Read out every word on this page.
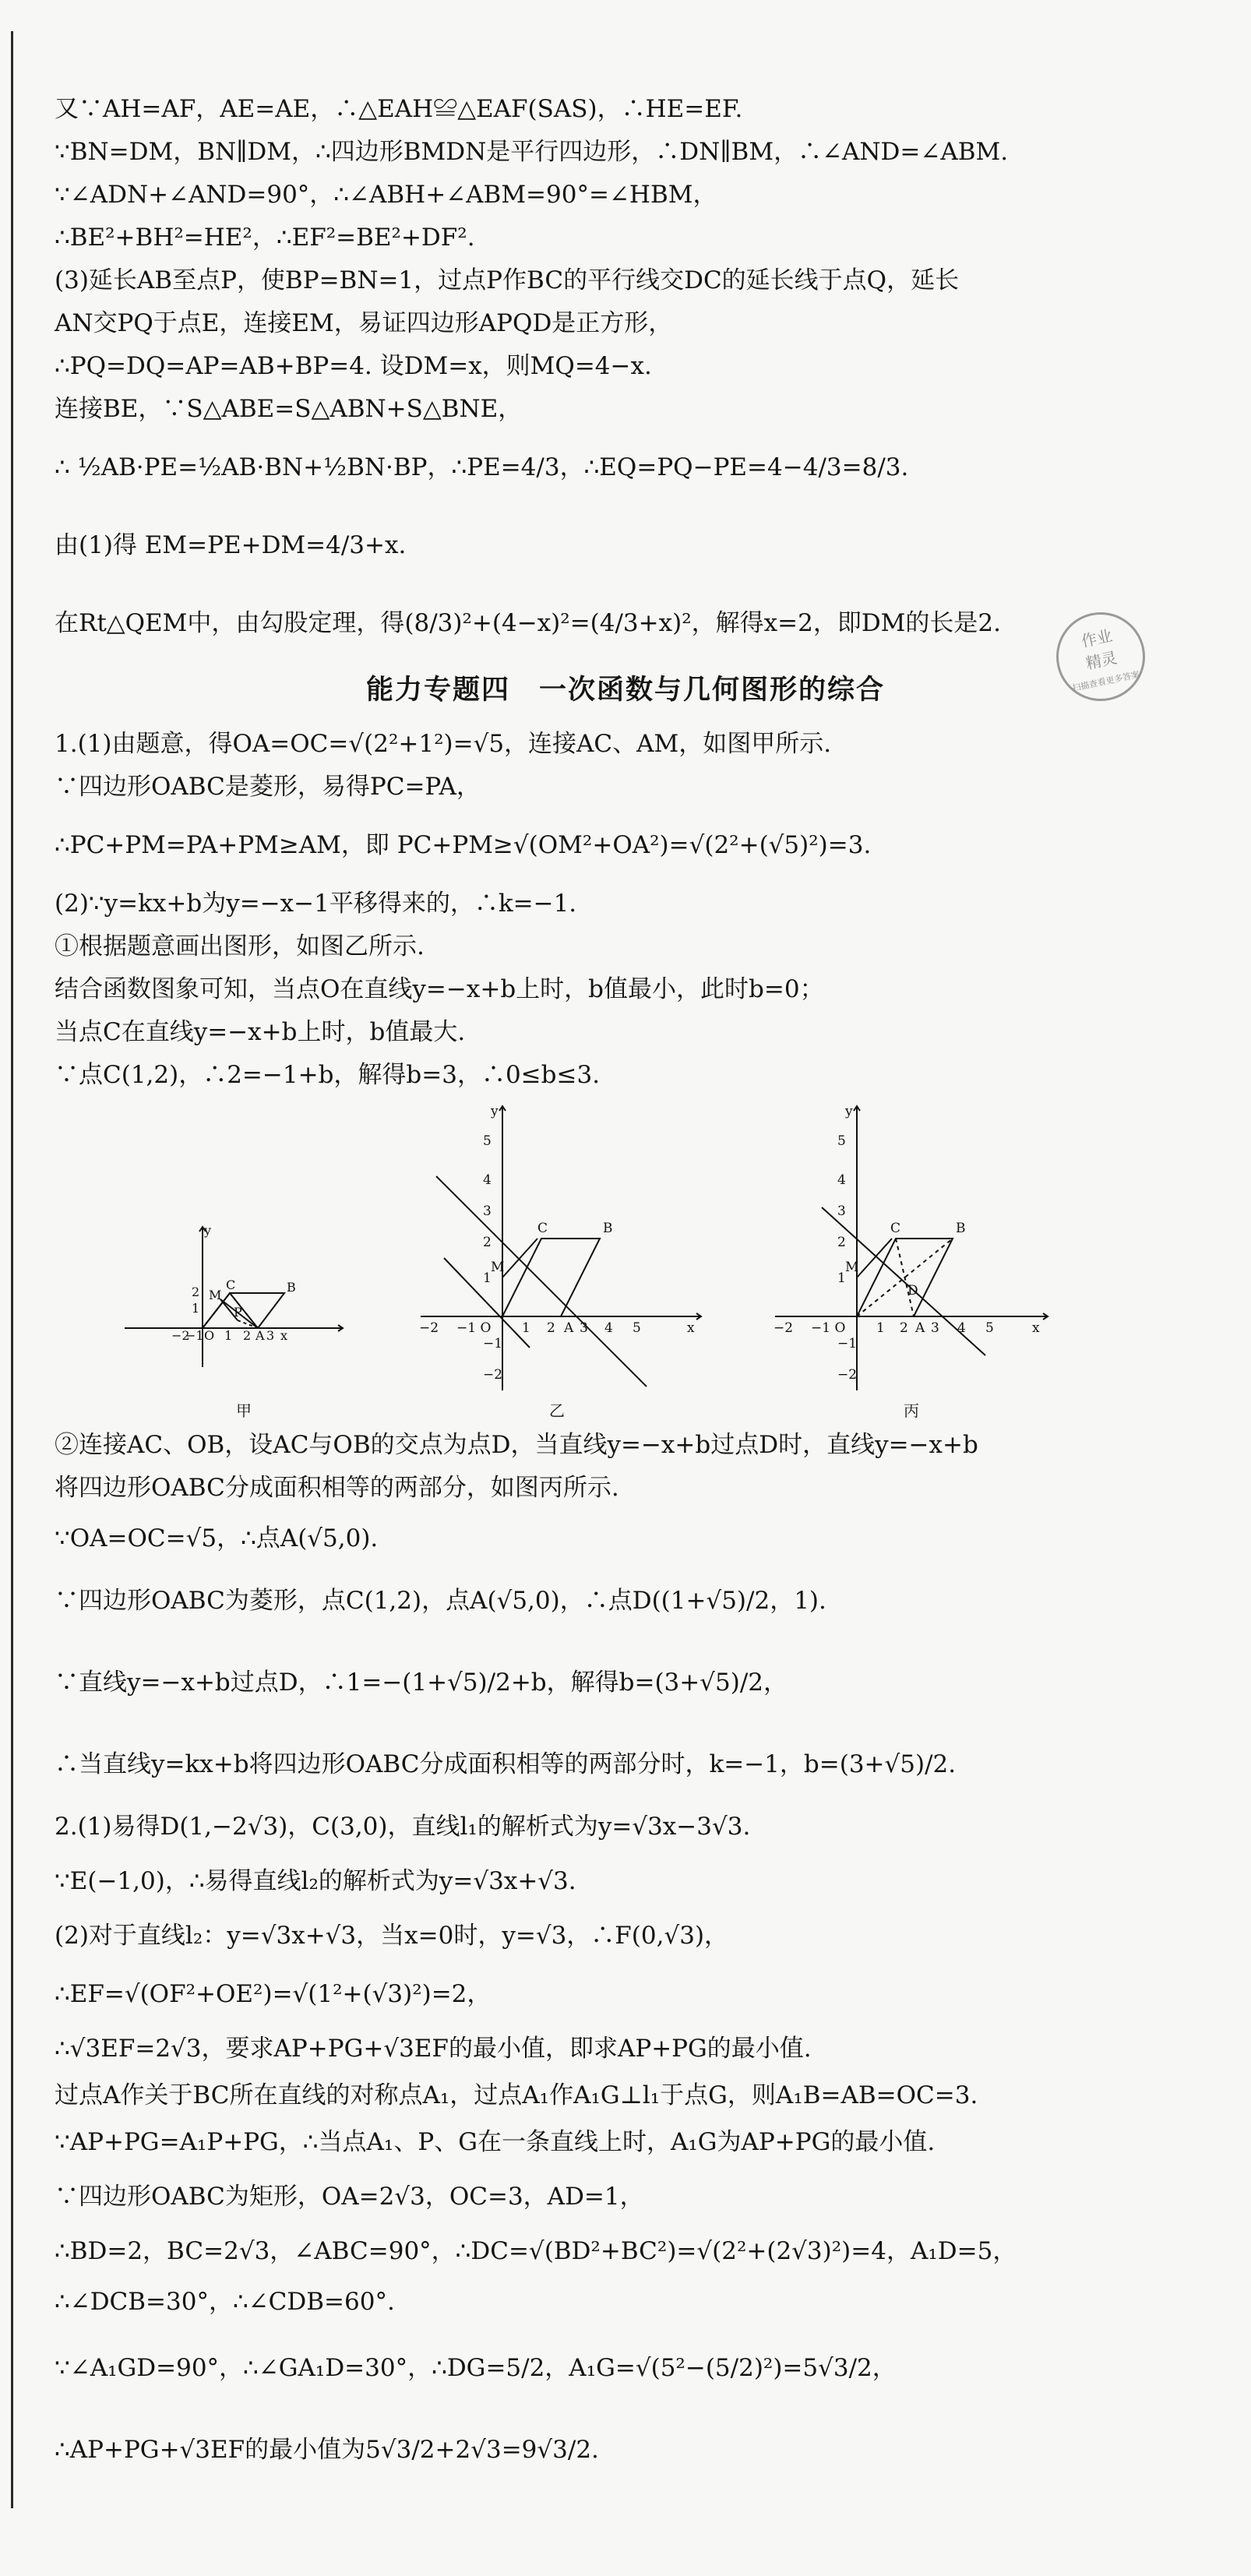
又∵AH=AF，AE=AE，∴△EAH≌△EAF(SAS)，∴HE=EF.
∵BN=DM，BN∥DM，∴四边形BMDN是平行四边形，∴DN∥BM，∴∠AND=∠ABM.
∵∠ADN+∠AND=90°，∴∠ABH+∠ABM=90°=∠HBM，
∴BE²+BH²=HE²，∴EF²=BE²+DF².
(3)延长AB至点P，使BP=BN=1，过点P作BC的平行线交DC的延长线于点Q，延长
AN交PQ于点E，连接EM，易证四边形APQD是正方形，
∴PQ=DQ=AP=AB+BP=4. 设DM=x，则MQ=4−x.
连接BE，∵S△ABE=S△ABN+S△BNE，
∴ ½AB·PE=½AB·BN+½BN·BP，∴PE=4/3，∴EQ=PQ−PE=4−4/3=8/3.
由(1)得 EM=PE+DM=4/3+x.
在Rt△QEM中，由勾股定理，得(8/3)²+(4−x)²=(4/3+x)²，解得x=2，即DM的长是2.
1.(1)由题意，得OA=OC=√(2²+1²)=√5，连接AC、AM，如图甲所示.
∵四边形OABC是菱形，易得PC=PA，
∴PC+PM=PA+PM≥AM，即 PC+PM≥√(OM²+OA²)=√(2²+(√5)²)=3.
(2)∵y=kx+b为y=−x−1平移得来的，∴k=−1.
①根据题意画出图形，如图乙所示.
结合函数图象可知，当点O在直线y=−x+b上时，b值最小，此时b=0；
当点C在直线y=−x+b上时，b值最大.
∵点C(1,2)，∴2=−1+b，解得b=3，∴0≤b≤3.
②连接AC、OB，设AC与OB的交点为点D，当直线y=−x+b过点D时，直线y=−x+b
将四边形OABC分成面积相等的两部分，如图丙所示.
∵OA=OC=√5，∴点A(√5,0).
∵四边形OABC为菱形，点C(1,2)，点A(√5,0)，∴点D((1+√5)/2，1).
∵直线y=−x+b过点D，∴1=−(1+√5)/2+b，解得b=(3+√5)/2，
∴当直线y=kx+b将四边形OABC分成面积相等的两部分时，k=−1，b=(3+√5)/2.
2.(1)易得D(1,−2√3)，C(3,0)，直线l₁的解析式为y=√3x−3√3.
∵E(−1,0)，∴易得直线l₂的解析式为y=√3x+√3.
(2)对于直线l₂：y=√3x+√3，当x=0时，y=√3，∴F(0,√3)，
∴EF=√(OF²+OE²)=√(1²+(√3)²)=2，
∴√3EF=2√3，要求AP+PG+√3EF的最小值，即求AP+PG的最小值.
过点A作关于BC所在直线的对称点A₁，过点A₁作A₁G⊥l₁于点G，则A₁B=AB=OC=3.
∵AP+PG=A₁P+PG，∴当点A₁、P、G在一条直线上时，A₁G为AP+PG的最小值.
∵四边形OABC为矩形，OA=2√3，OC=3，AD=1，
∴BD=2，BC=2√3，∠ABC=90°，∴DC=√(BD²+BC²)=√(2²+(2√3)²)=4，A₁D=5，
∴∠DCB=30°，∴∠CDB=60°.
∵∠A₁GD=90°，∴∠GA₁D=30°，∴DG=5/2，A₁G=√(5²−(5/2)²)=5√3/2，
∴AP+PG+√3EF的最小值为5√3/2+2√3=9√3/2.
能力专题四　一次函数与几何图形的综合
作业
精灵
扫描查看更多答案
O 2 A 3 x
C	B
M
P
2
1
y
−2
−1 1
甲
y
5
4
3
2
1
−1
−2
−2 −1 O 1 2 A 3 4 5	x
C	B
M
乙
y
5
4
3
2
1
−1
−2
−2 −1 O 1 2 A 3 4 5	x
C	B
M
D
丙
